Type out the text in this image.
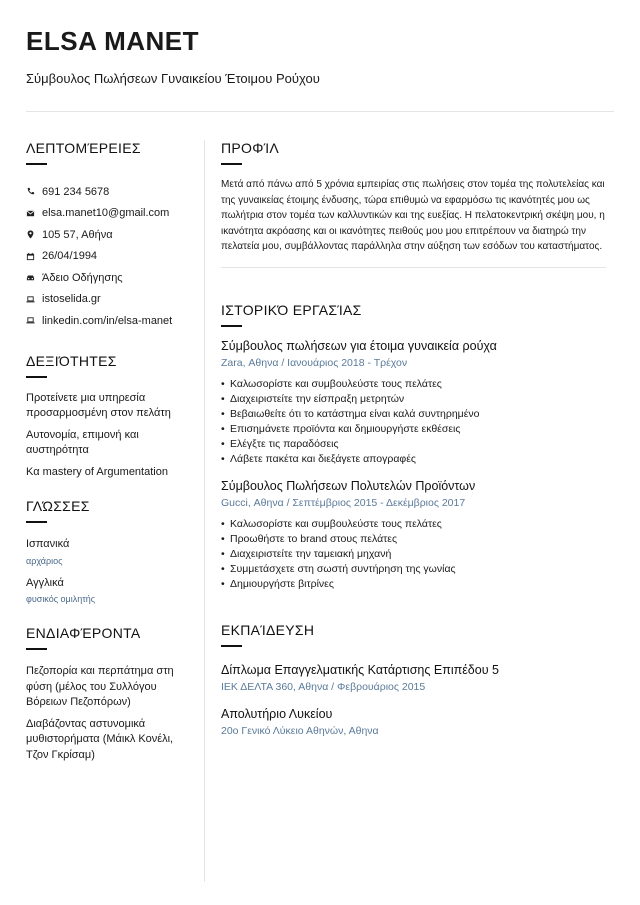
ELSA MANET
Σύμβουλος Πωλήσεων Γυναικείου Έτοιμου Ρούχου
ΛΕΠΤΟΜΈΡΕΙΕΣ
691 234 5678
elsa.manet10@gmail.com
105 57, Αθήνα
26/04/1994
Άδειο Οδήγησης
istoselida.gr
linkedin.com/in/elsa-manet
ΔΕΞΙΌΤΗΤΕΣ
Προτείνετε μια υπηρεσία προσαρμοσμένη στον πελάτη
Αυτονομία, επιμονή και αυστηρότητα
Κα mastery of Argumentation
ΓΛΏΣΣΕΣ
Ισπανικά
αρχάριος
Αγγλικά
φυσικός ομιλητής
ΕΝΔΙΑΦΈΡΟΝΤΑ
Πεζοπορία και περπάτημα στη φύση (μέλος του Συλλόγου Βόρειων Πεζοπόρων)
Διαβάζοντας αστυνομικά μυθιστορήματα (Μάικλ Κονέλι, Τζον Γκρίσαμ)
ΠΡΟΦΊΛ

Μετά από πάνω από 5 χρόνια εμπειρίας στις πωλήσεις στον τομέα της πολυτελείας και της γυναικείας έτοιμης ένδυσης, τώρα επιθυμώ να εφαρμόσω τις ικανότητές μου ως πωλήτρια στον τομέα των καλλυντικών και της ευεξίας. Η πελατοκεντρική σκέψη μου, η ικανότητα ακρόασης και οι ικανότητες πειθούς μου μου επιτρέπουν να διατηρώ την πελατεία μου, συμβάλλοντας παράλληλα στην αύξηση των εσόδων του καταστήματος.

ΙΣΤΟΡΙΚΌ ΕΡΓΑΣΊΑΣ
Σύμβουλος πωλήσεων για έτοιμα γυναικεία ρούχα
Zara, Αθηνα / Ιανουάριος 2018 - Τρέχον
• Καλωσορίστε και συμβουλεύστε τους πελάτες
• Διαχειριστείτε την είσπραξη μετρητών
• Βεβαιωθείτε ότι το κατάστημα είναι καλά συντηρημένο
• Επισημάνετε προϊόντα και δημιουργήστε εκθέσεις
• Ελέγξτε τις παραδόσεις
• Λάβετε πακέτα και διεξάγετε απογραφές
Σύμβουλος Πωλήσεων Πολυτελών Προϊόντων
Gucci, Αθηνα / Σεπτέμβριος 2015 - Δεκέμβριος 2017
• Καλωσορίστε και συμβουλεύστε τους πελάτες
• Προωθήστε το brand στους πελάτες
• Διαχειριστείτε την ταμειακή μηχανή
• Συμμετάσχετε στη σωστή συντήρηση της γωνίας
• Δημιουργήστε βιτρίνες
ΕΚΠΑΊΔΕΥΣΗ
Δίπλωμα Επαγγελματικής Κατάρτισης Επιπέδου 5
ΙΕΚ ΔΕΛΤΑ 360, Αθηνα / Φεβρουάριος 2015
Απολυτήριο Λυκείου
20ο Γενικό Λύκειο Αθηνών, Αθηνα
